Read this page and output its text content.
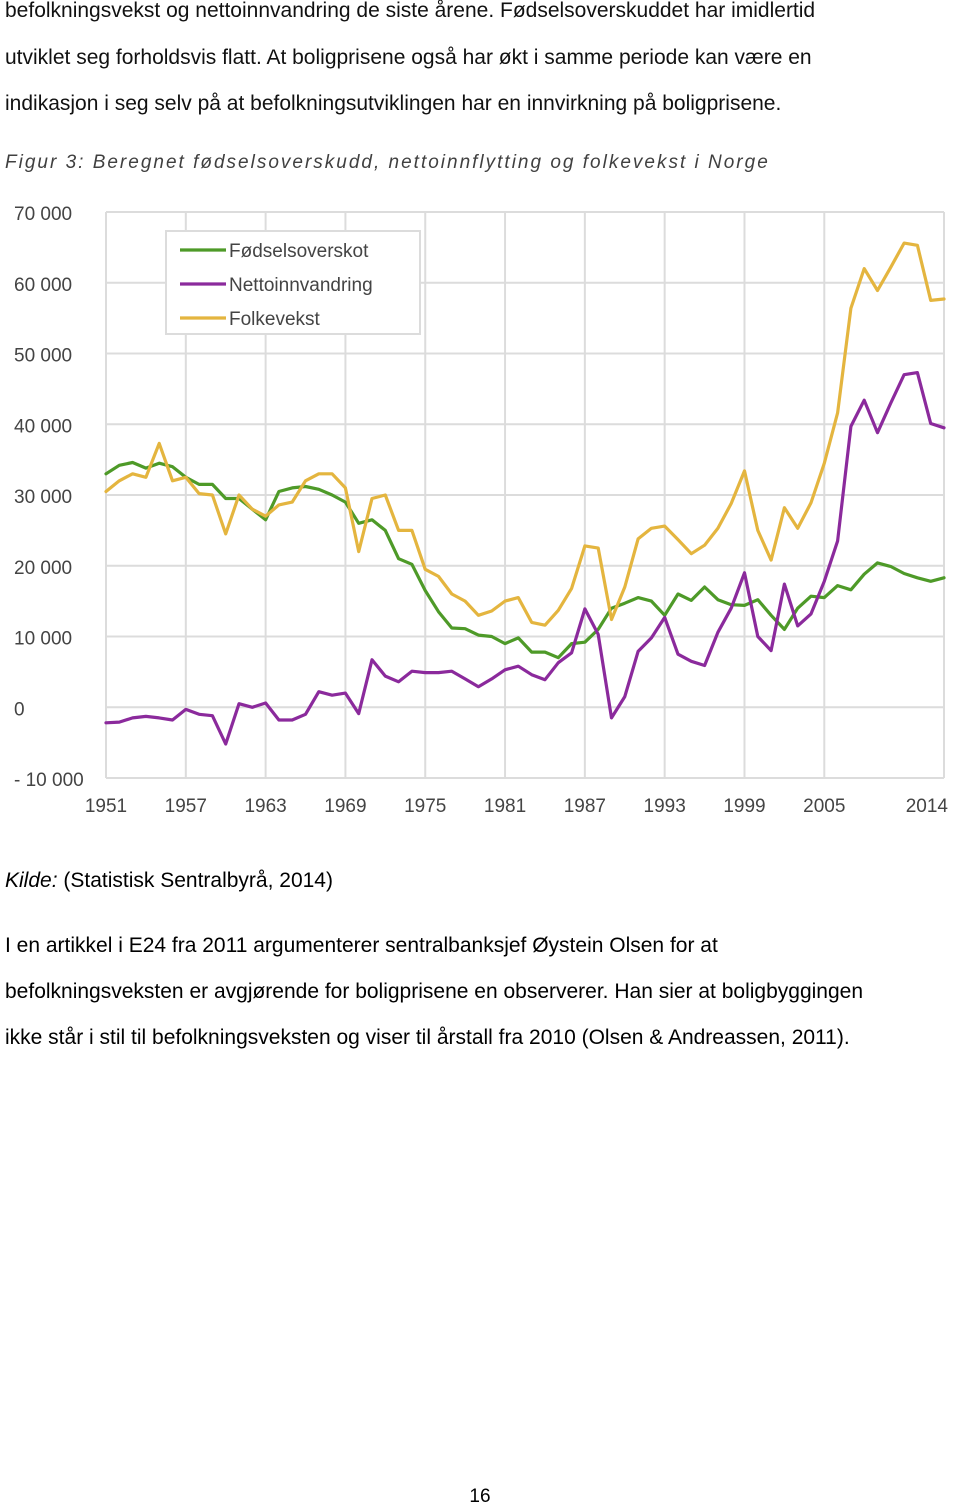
befolkningsvekst og nettoinnvandring de siste årene. Fødselsoverskuddet har imidlertid
utviklet seg forholdsvis flatt. At boligprisene også har økt i samme periode kan være en
indikasjon i seg selv på at befolkningsutviklingen har en innvirkning på boligprisene.
Figur 3: Beregnet fødselsoverskudd, nettoinnflytting og folkevekst i Norge
- 10 000
0
10 000
20 000
30 000
40 000
50 000
60 000
70 000
1951 1957 1963 1969 1975 1981 1987 1993 1999 2005	2014
Fødselsoverskot
Nettoinnvandring
Folkevekst
Kilde: (Statistisk Sentralbyrå, 2014)
I en artikkel i E24 fra 2011 argumenterer sentralbanksjef Øystein Olsen for at
befolkningsveksten er avgjørende for boligprisene en observerer. Han sier at boligbyggingen
ikke står i stil til befolkningsveksten og viser til årstall fra 2010 (Olsen & Andreassen, 2011).
16
